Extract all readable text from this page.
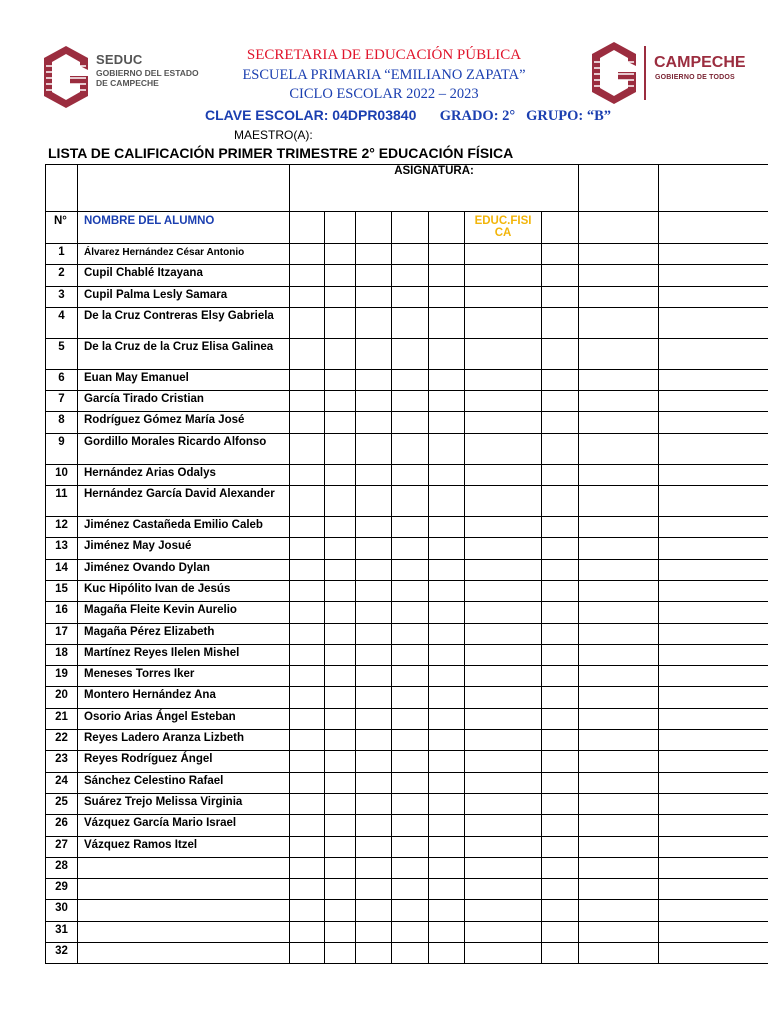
SEDUC
GOBIERNO DEL ESTADO DE CAMPECHE
CAMPECHE
GOBIERNO DE TODOS
SECRETARIA DE EDUCACIÓN PÚBLICA
ESCUELA PRIMARIA “EMILIANO ZAPATA”
CICLO ESCOLAR 2022 – 2023
CLAVE ESCOLAR: 04DPR03840 GRADO: 2°   GRUPO: “B”
MAESTRO(A):
LISTA DE CALIFICACIÓN PRIMER TRIMESTRE 2° EDUCACIÓN FÍSICA
		ASIGNATURA:								
N°	NOMBRE DEL ALUMNO						EDUC.FISI CA			
1	Álvarez Hernández César Antonio									
2	Cupil Chablé Itzayana									
3	Cupil Palma Lesly Samara									
4	De la Cruz Contreras Elsy Gabriela									
5	De la Cruz de la Cruz Elisa Galinea									
6	Euan May Emanuel									
7	García Tirado Cristian									
8	Rodríguez Gómez María José									
9	Gordillo Morales Ricardo Alfonso									
10	Hernández Arias Odalys									
11	Hernández García David Alexander									
12	Jiménez Castañeda Emilio Caleb									
13	Jiménez May Josué									
14	Jiménez Ovando Dylan									
15	Kuc Hipólito Ivan de Jesús									
16	Magaña Fleite Kevin Aurelio									
17	Magaña Pérez Elizabeth									
18	Martínez Reyes Ilelen Mishel									
19	Meneses Torres Iker									
20	Montero Hernández Ana									
21	Osorio Arias Ángel Esteban									
22	Reyes Ladero Aranza Lizbeth									
23	Reyes Rodríguez Ángel									
24	Sánchez Celestino Rafael									
25	Suárez Trejo Melissa Virginia									
26	Vázquez García Mario Israel									
27	Vázquez Ramos Itzel									
28										
29										
30										
31										
32										
